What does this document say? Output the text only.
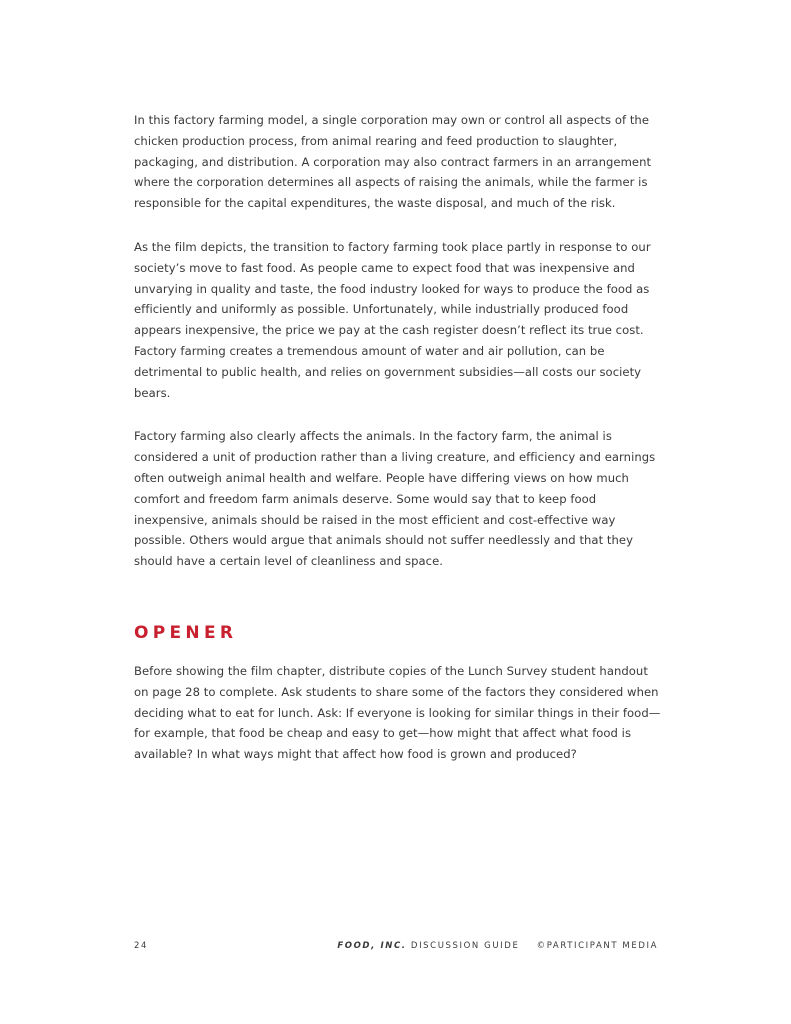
In this factory farming model, a single corporation may own or control all aspects of the chicken production process, from animal rearing and feed production to slaughter, packaging, and distribution. A corporation may also contract farmers in an arrangement where the corporation determines all aspects of raising the animals, while the farmer is responsible for the capital expenditures, the waste disposal, and much of the risk.

As the film depicts, the transition to factory farming took place partly in response to our society’s move to fast food. As people came to expect food that was inexpensive and unvarying in quality and taste, the food industry looked for ways to produce the food as efficiently and uniformly as possible. Unfortunately, while industrially produced food appears inexpensive, the price we pay at the cash register doesn’t reflect its true cost. Factory farming creates a tremendous amount of water and air pollution, can be detrimental to public health, and relies on government subsidies—all costs our society bears.

Factory farming also clearly affects the animals. In the factory farm, the animal is considered a unit of production rather than a living creature, and efficiency and earnings often outweigh animal health and welfare. People have differing views on how much comfort and freedom farm animals deserve. Some would say that to keep food inexpensive, animals should be raised in the most efficient and cost-effective way possible. Others would argue that animals should not suffer needlessly and that they should have a certain level of cleanliness and space.

OPENER

Before showing the film chapter, distribute copies of the Lunch Survey student handout on page 28 to complete. Ask students to share some of the factors they considered when deciding what to eat for lunch. Ask: If everyone is looking for similar things in their food—for example, that food be cheap and easy to get—how might that affect what food is available? In what ways might that affect how food is grown and produced?

24	FOOD, INC. DISCUSSION GUIDE ©PARTICIPANT MEDIA
